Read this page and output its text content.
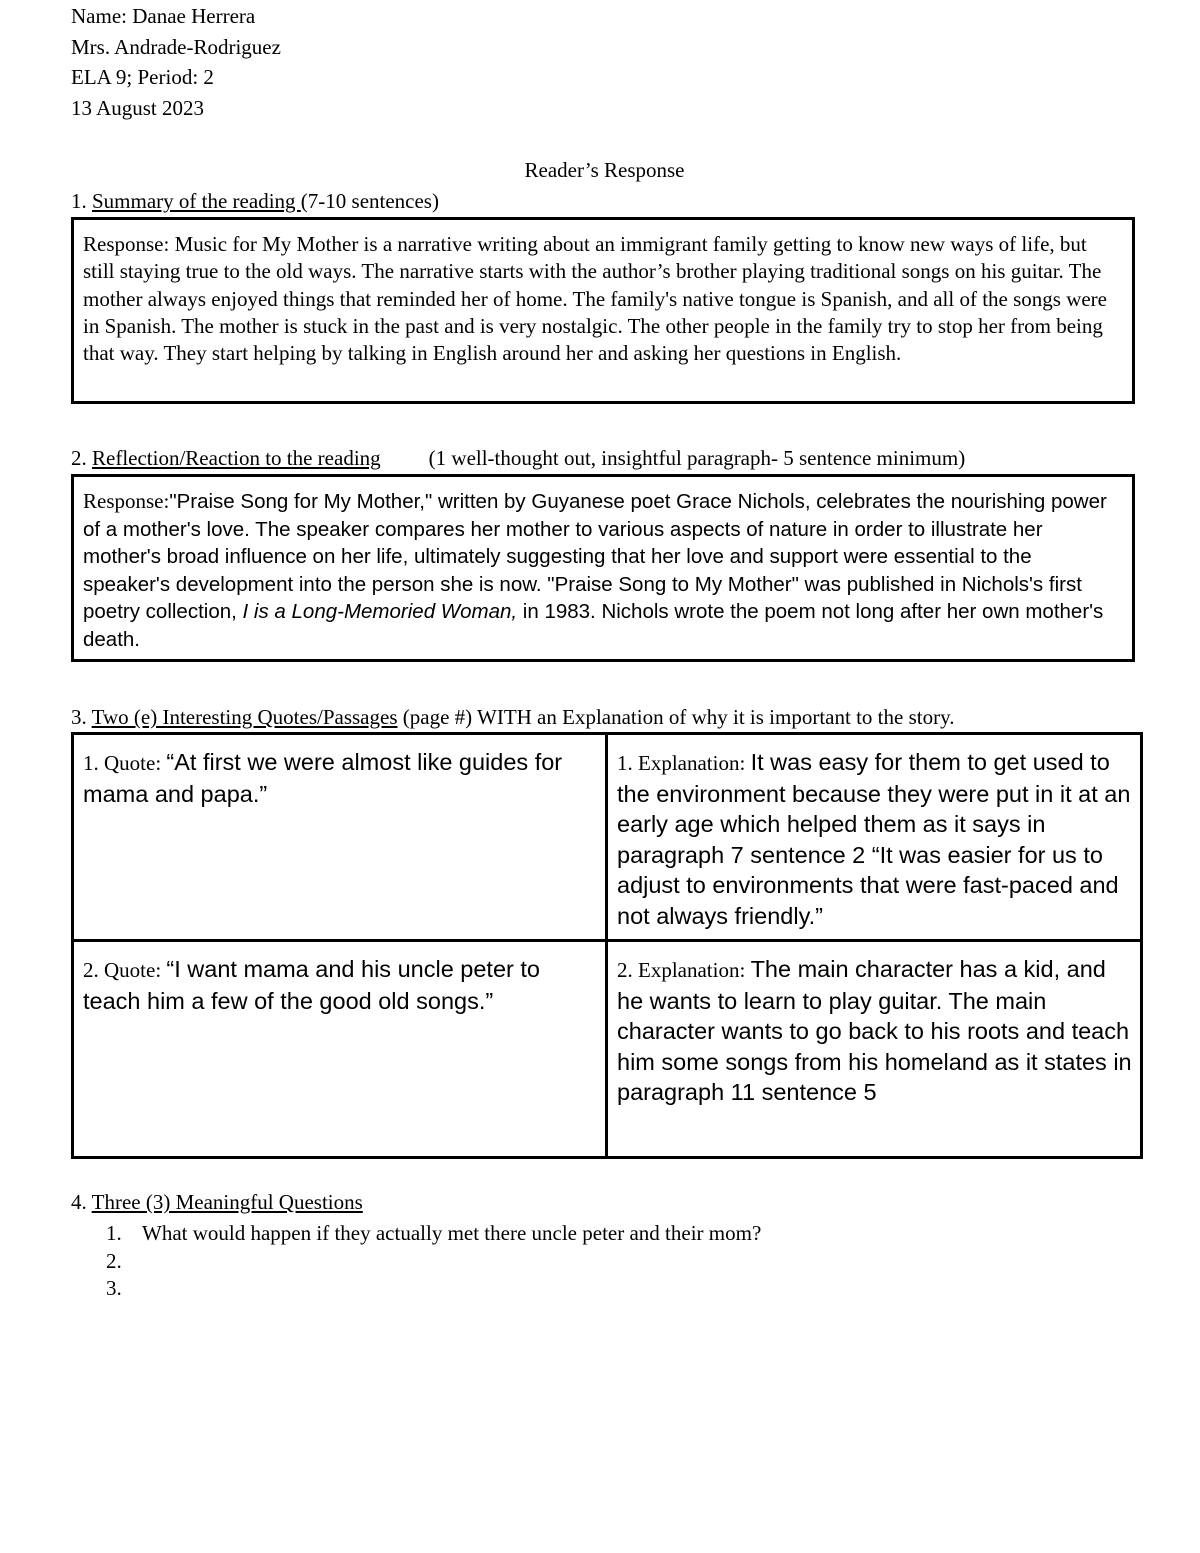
Name: Danae Herrera
Mrs. Andrade-Rodriguez
ELA 9; Period: 2
13 August 2023
Reader’s Response
1. Summary of the reading (7-10 sentences)
Response: Music for My Mother is a narrative writing about an immigrant family getting to know new ways of life, but still staying true to the old ways. The narrative starts with the author’s brother playing traditional songs on his guitar. The mother always enjoyed things that reminded her of home. The family's native tongue is Spanish, and all of the songs were in Spanish. The mother is stuck in the past and is very nostalgic. The other people in the family try to stop her from being that way. They start helping by talking in English around her and asking her questions in English.
2. Reflection/Reaction to the reading (1 well-thought out, insightful paragraph- 5 sentence minimum)
Response:"Praise Song for My Mother," written by Guyanese poet Grace Nichols, celebrates the nourishing power of a mother's love. The speaker compares her mother to various aspects of nature in order to illustrate her mother's broad influence on her life, ultimately suggesting that her love and support were essential to the speaker's development into the person she is now. "Praise Song to My Mother" was published in Nichols's first poetry collection, I is a Long-Memoried Woman, in 1983. Nichols wrote the poem not long after her own mother's death.
3. Two (e) Interesting Quotes/Passages (page #) WITH an Explanation of why it is important to the story.
1. Quote: “At first we were almost like guides for mama and papa.”	1. Explanation: It was easy for them to get used to the environment because they were put in it at an early age which helped them as it says in paragraph 7 sentence 2 “It was easier for us to adjust to environments that were fast-paced and not always friendly.”
2. Quote: “I want mama and his uncle peter to teach him a few of the good old songs.”	2. Explanation: The main character has a kid, and he wants to learn to play guitar. The main character wants to go back to his roots and teach him some songs from his homeland as it states in paragraph 11 sentence 5
4. Three (3) Meaningful Questions
1. What would happen if they actually met there uncle peter and their mom?
2.
3.
